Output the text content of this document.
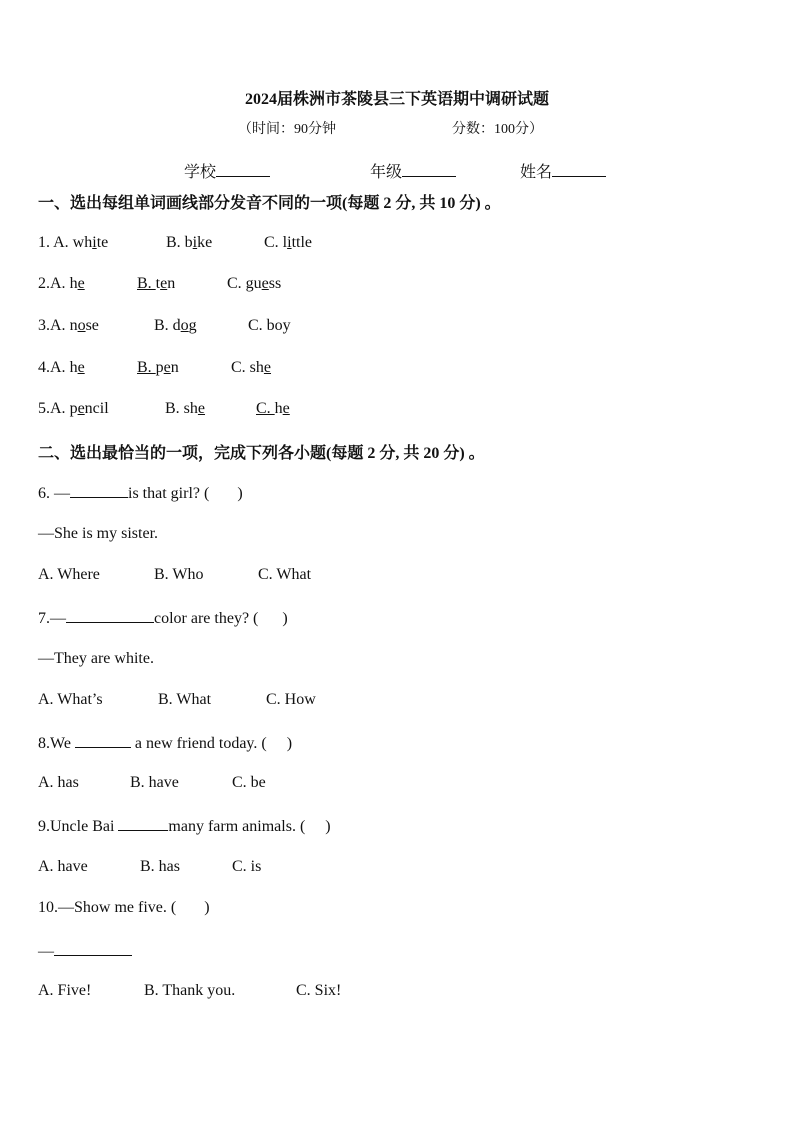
2024届株洲市茶陵县三下英语期中调研试题
（时间：90分钟	分数：100分）
学校	年级	姓名
一、选出每组单词画线部分发音不同的一项(每题 2 分, 共 10 分) 。
1. A. white	B. bike	C. little
2.A. he	B. ten	C. guess
3.A. nose	B. dog	C. boy
4.A. he	B. pen	C. she
5.A. pencil	B. she	C. he
二、选出最恰当的一项，完成下列各小题(每题 2 分, 共 20 分) 。
6. —	is that girl? ( )
—She is my sister.
A. Where	B. Who	C. What
7.—	color are they? ( )
—They are white.
A. What’s	B. What	C. How
8.We	a new friend today. ( )
A. has	B. have	C. be
9.Uncle Bai	many farm animals. ( )
A. have	B. has	C. is
10.—Show me five. ( )
—
A. Five!	B. Thank you.	C. Six!
